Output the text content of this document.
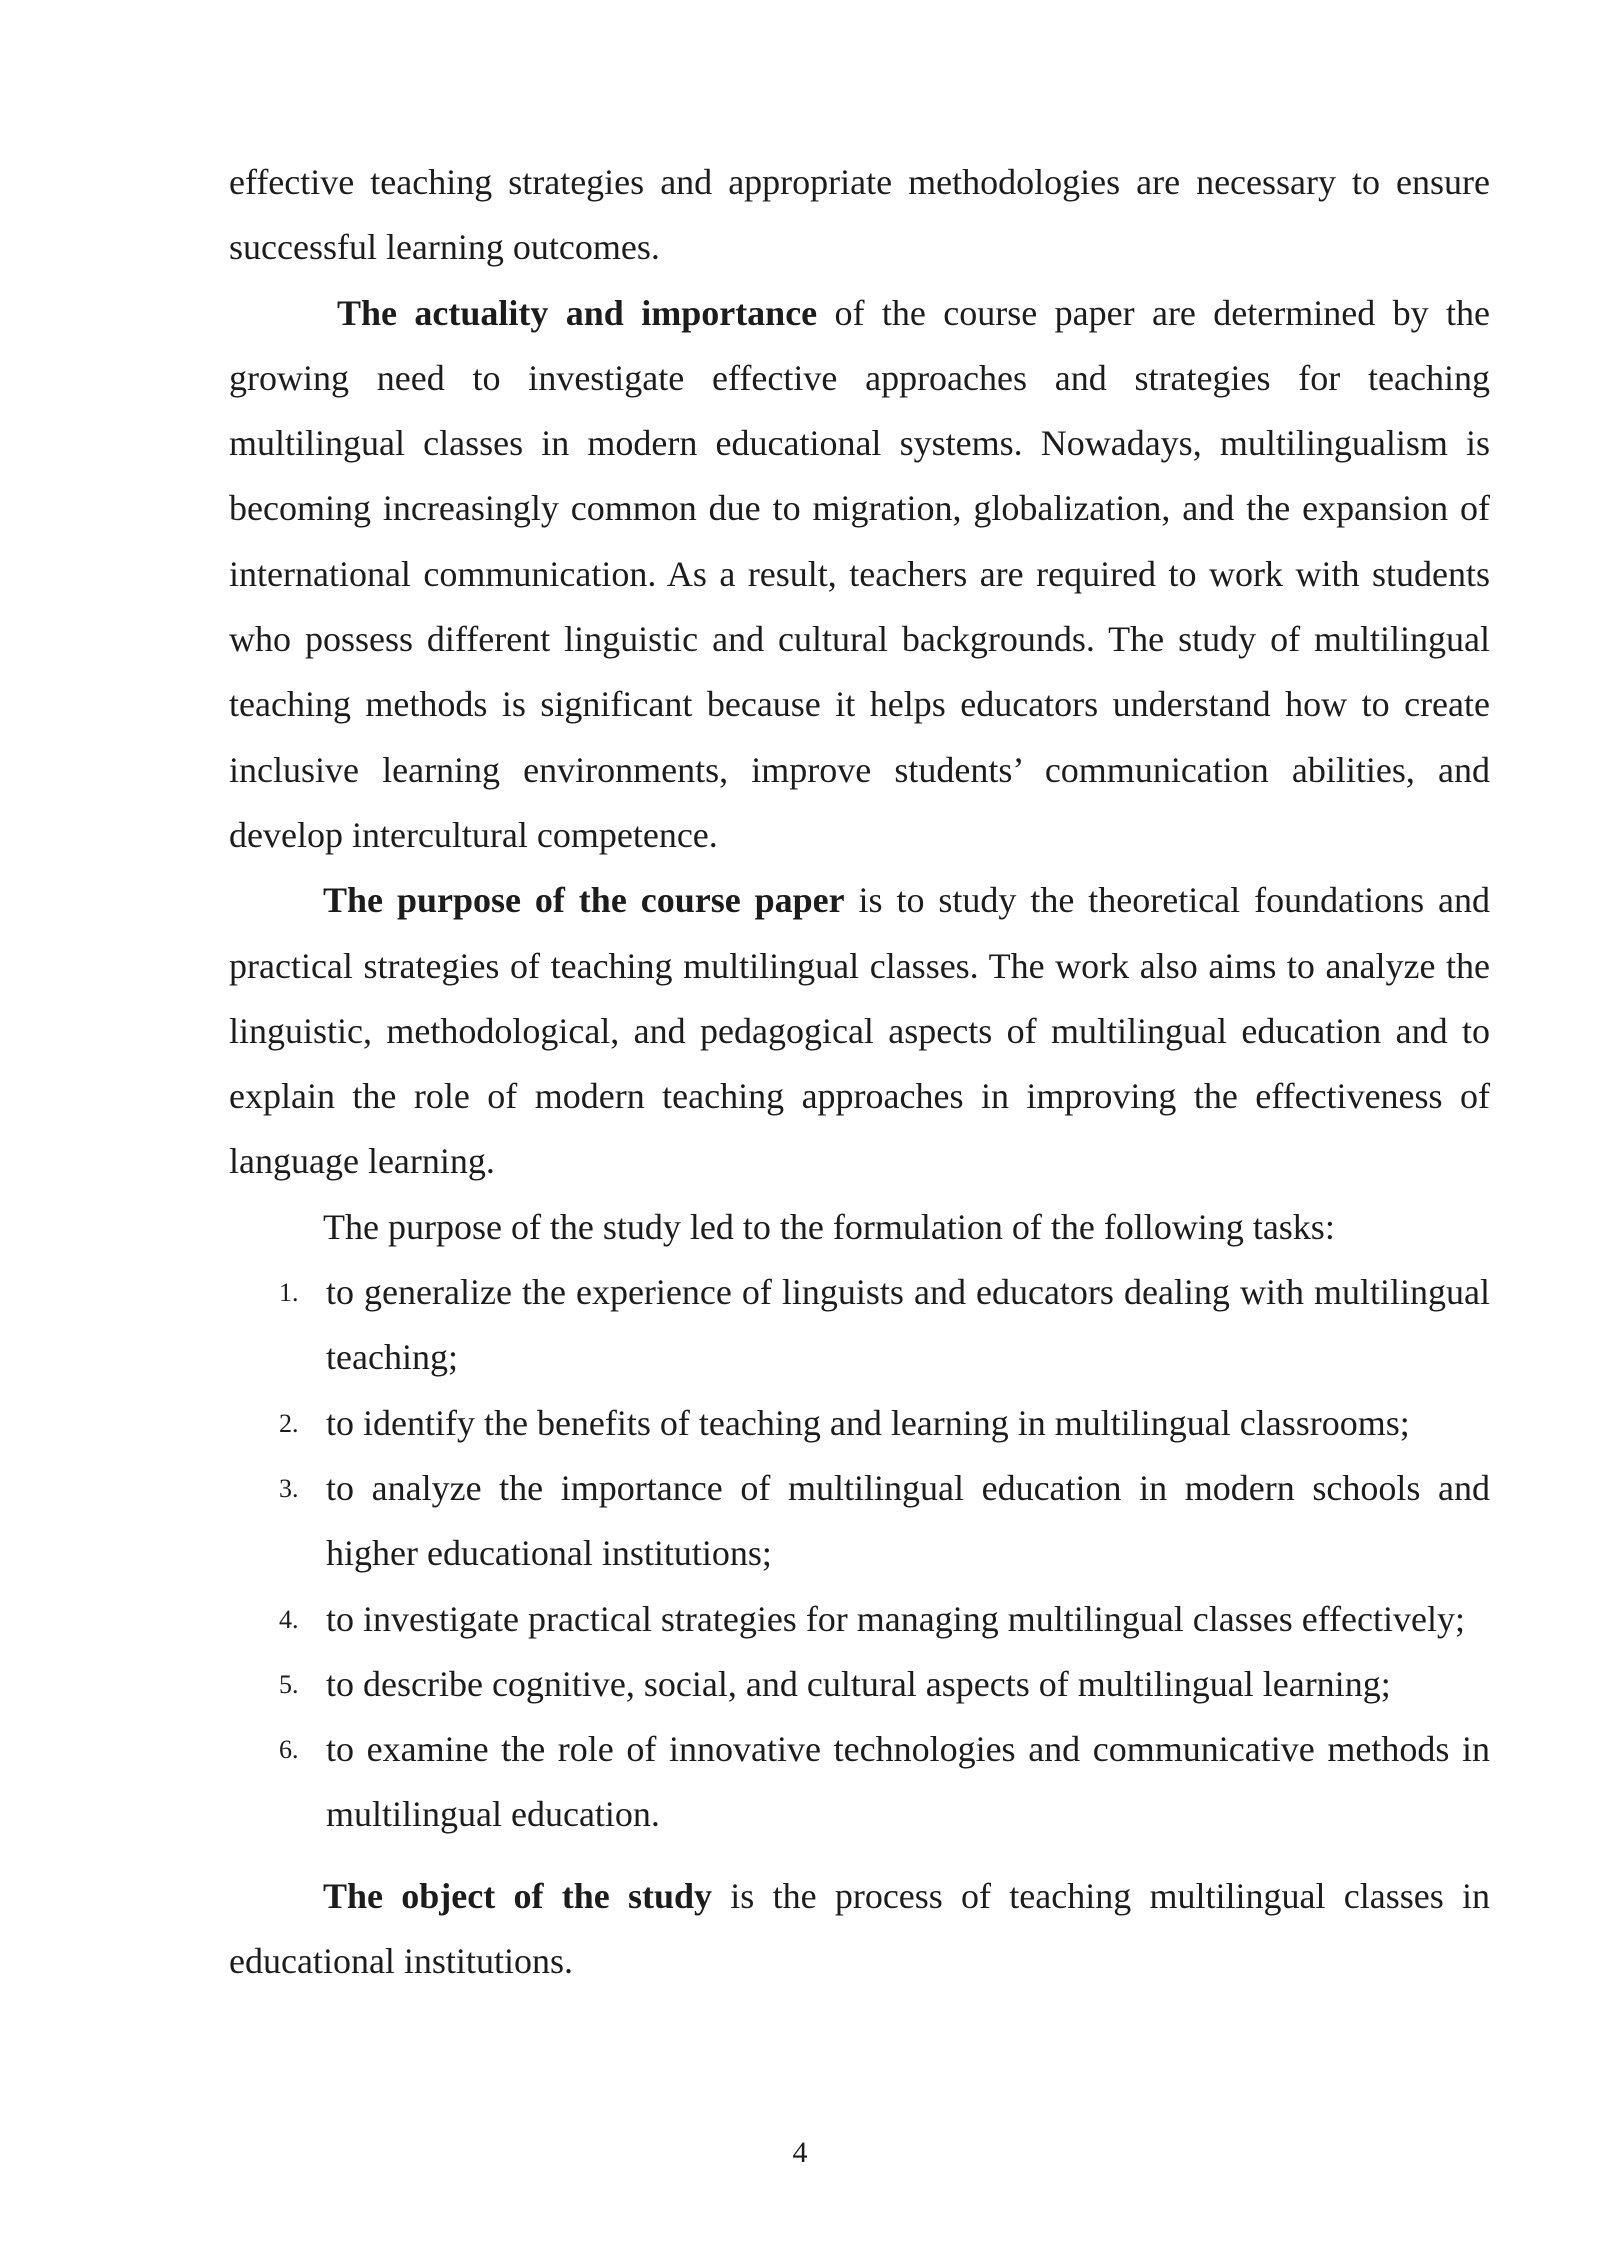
effective teaching strategies and appropriate methodologies are necessary to ensure successful learning outcomes.

The actuality and importance of the course paper are determined by the growing need to investigate effective approaches and strategies for teaching multilingual classes in modern educational systems. Nowadays, multilingualism is becoming increasingly common due to migration, globalization, and the expansion of international communication. As a result, teachers are required to work with students who possess different linguistic and cultural backgrounds. The study of multilingual teaching methods is significant because it helps educators understand how to create inclusive learning environments, improve students’ communication abilities, and develop intercultural competence.

The purpose of the course paper is to study the theoretical foundations and practical strategies of teaching multilingual classes. The work also aims to analyze the linguistic, methodological, and pedagogical aspects of multilingual education and to explain the role of modern teaching approaches in improving the effectiveness of language learning.

The purpose of the study led to the formulation of the following tasks:

1. to generalize the experience of linguists and educators dealing with multilingual teaching;
2. to identify the benefits of teaching and learning in multilingual classrooms;
3. to analyze the importance of multilingual education in modern schools and higher educational institutions;
4. to investigate practical strategies for managing multilingual classes effectively;
5. to describe cognitive, social, and cultural aspects of multilingual learning;
6. to examine the role of innovative technologies and communicative methods in multilingual education.

The object of the study is the process of teaching multilingual classes in educational institutions.

4
